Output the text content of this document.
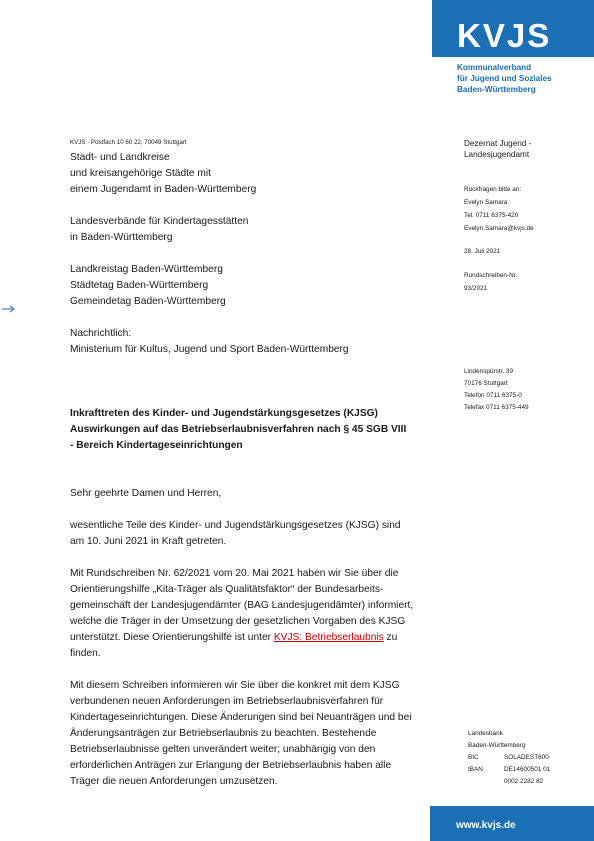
KVJS
Kommunalverband
für Jugend und Soziales
Baden-Württemberg
KVJS · Postfach 10 60 22, 70049 Stuttgart
Stadt- und Landkreise
und kreisangehörige Städte mit
einem Jugendamt in Baden-Württemberg
Landesverbände für Kindertagesstätten
in Baden-Württemberg
Landkreistag Baden-Württemberg
Städtetag Baden-Württemberg
Gemeindetag Baden-Württemberg
Nachrichtlich:
Ministerium für Kultus, Jugend und Sport Baden-Württemberg
Dezernat Jugend -
Landesjugendamt
Rückfragen bitte an:
Evelyn Samara
Tel. 0711 6375-420
Evelyn.Samara@kvjs.de
28. Juli 2021
Rundschreiben-Nr.
93/2021
Lindenspürstr. 39
70176 Stuttgart
Telefon 0711 6375-0
Telefax 0711 6375-449
Landesbank
Baden-Württemberg
BIC	SOLADEST600
IBAN	DE14600501 01
0002 2282 82
Inkrafttreten des Kinder- und Jugendstärkungsgesetzes (KJSG)
Auswirkungen auf das Betriebserlaubnisverfahren nach § 45 SGB VIII
- Bereich Kindertageseinrichtungen
Sehr geehrte Damen und Herren,
wesentliche Teile des Kinder- und Jugendstärkungsgesetzes (KJSG) sind
am 10. Juni 2021 in Kraft getreten.
Mit Rundschreiben Nr. 62/2021 vom 20. Mai 2021 haben wir Sie über die
Orientierungshilfe „Kita-Träger als Qualitätsfaktor“ der Bundesarbeits-
gemeinschaft der Landesjugendämter (BAG Landesjugendämter) informiert,
welche die Träger in der Umsetzung der gesetzlichen Vorgaben des KJSG
unterstützt. Diese Orientierungshilfe ist unter KVJS: Betriebserlaubnis zu
finden.
Mit diesem Schreiben informieren wir Sie über die konkret mit dem KJSG
verbundenen neuen Anforderungen im Betriebserlaubnisverfahren für
Kindertageseinrichtungen. Diese Änderungen sind bei Neuanträgen und bei
Änderungsanträgen zur Betriebserlaubnis zu beachten. Bestehende
Betriebserlaubnisse gelten unverändert weiter; unabhängig von den
erforderlichen Anträgen zur Erlangung der Betriebserlaubnis haben alle
Träger die neuen Anforderungen umzusetzen.
www.kvjs.de
